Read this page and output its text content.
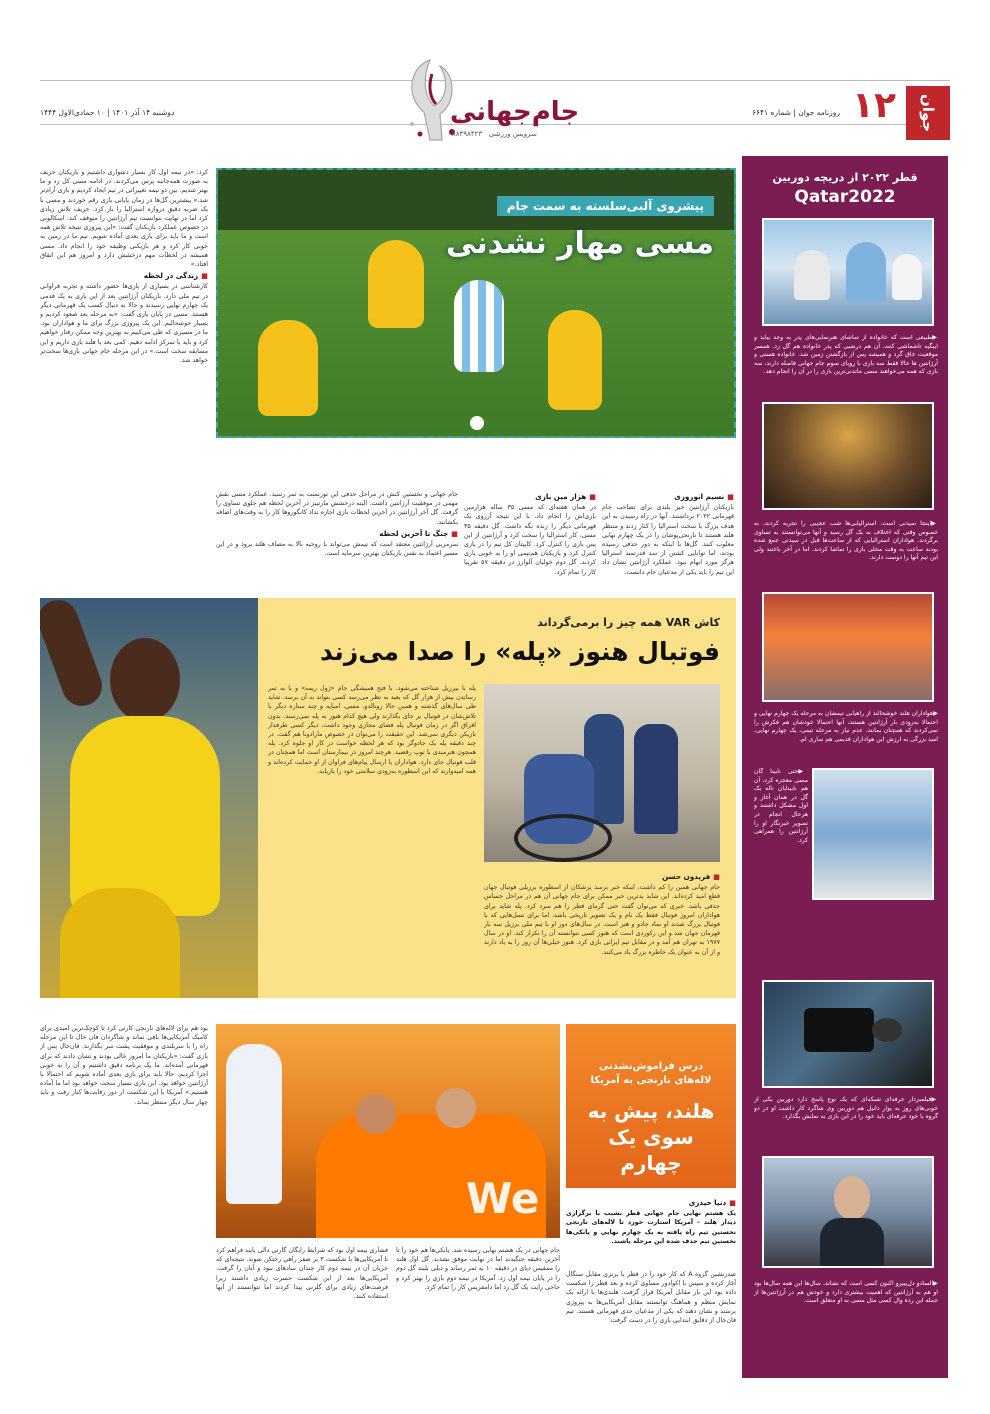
جوان
۱۲
روزنامه جوان | شماره ۶۶۴۱
جام‌جهانی
سرویس ورزشی   ۸۸۴۹۸۴۲۳
دوشنبه ۱۴ آذر ۱۴۰۱ | ۱۰ جمادی‌الاول ۱۴۴۴
قطر ۲۰۲۲ از دریچه دوربین
Qatar2022
▶ طبیعی است که خانواده از تماشای هنرنمایی‌های پدر به وجد بیاید و ابیگیه تاشماشی کنند، آن هم درشبی که پدر خانواده هم گل زد. همسر موقعیت خاق گرد و همیشه پس از بازگشتن زمین شد. خانواده هستی و آرژانتین ها حالا فقط سه بازی با رویای سوم جام جهانی فاصله دارند، سه بازی که همه می‌خواهند مسی ماندنی‌ترین بازی را در آن را انجام دهد.
▶ اینجا سیدنی است، استرالیایی‌ها شب عجیبی را تجربه کردند، به خصوص وقتی که اختلاف به یک گل رسید و آنها می‌توانستند به تساوی برگردند. هواداران استرالیایی که از ساعت‌ها قبل در سیدنی جمع شده بودند ساعت به وقت محلی بازی را تماشا کردند. اما در آخر باختند ولی این تیم آنها را دوست دارند.
▶ هواداران هلند خوشحالند از راهیابی تیمشان به مرحله یک چهارم نهایی و احتمالا به‌زودی بار آرژانتین هستند، آنها احتمالا خودشان هم فکرش را نمی‌کردند که همچنان بمانند. عدم نیاز به مرحله تیمی، یک چهارم نهایی، امید بزرگی به ارزش این هواداران قدیمی هم ساری ام.
▶ حتی نابینا گان مسی معجزه کرد، آن هم نابینایان ناله یک گل در همان آغاز و اول مشکل داشتند و هرحال انجام در تصویر خبرنگار او را آرژانتین را همراهی کرد.
▶ فیلمبردار حرفه‌ای شبکه‌ای که یک نوع پاسخ دارد دوربین یکی از خوبی‌های روز به یوار دانیل هم دوربین وی شاگرد کار داشت او در دو گروه با خود حرفه‌ای باید خود را در این بازی به نمایش بگذارد.
▶ السادو دل‌پییرو اکنون کسی است که نشاند، سال‌ها این همه سال‌ها بود او هم به آرژانتین که اهمیت بیشتری دارد و خودش هم در آرژانتین‌ها از جمله این رده وال کسی مثل مسی به او متعلق است.
پیشروی آلبی‌سلسته به سمت جام
مسی مهار نشدنی
■ نسیم انوروزی
بازیکنان آرژانتین خیز بلندی برای تصاحب جام قهرمانی ۲۰۲۲ برداشتند. آنها در راه رسیدن به این هدف بزرگ با سخت استرالیا را کنار زدند و منتظر هلند هستند تا نارنجی‌پوشان را در یک چهارم نهایی مغلوب کنند. گل‌ها با اینکه به دور حذفی رسیده بودند، اما توانایی کشتن از سد قدرتمند استرالیا هرگز مورد ابهام نبود. عملکرد آرژانتین نشان داد این تیم را باید یکی از مدعیان جام دانست.
■ هزار مین بازی
در همان هفته‌ای که مسی ۳۵ ساله هزارمین بازی‌اش را انجام داد، با این نتیجه آرزوی یک قهرمانی دیگر را زنده نگه داشت. گل دقیقه ۳۵ مسی، کار استرالیا را سخت کرد و آرژانتین از این پس بازی را کنترل کرد. کاپیتان کل تیم را در بازی کنترل کرد و بازیکنان هم‌تیمی او را به خوبی یاری کردند. گل دوم خولیان آلوارز در دقیقه ۵۷ تقریبا کار را تمام کرد.
جام جهانی و نخستین کنش در مراحل حذفی این تورنمنت به ثمر رسید. عملکرد مسی نقش مهمی در موفقیت آرژانتین داشت. البته درخشش مارتینز در آخرین لحظه هم جلوی تساوی را گرفت. گل آخر آرژانتین در آخرین لحظات بازی اجازه نداد کانگوروها کار را به وقت‌های اضافه بکشانند.
■ جنگ تا آخرین لحظه
سرمربی آرژانتین معتقد است که تیمش می‌تواند با روحیه بالا به مصاف هلند برود و در این مسیر اعتماد به نفس بازیکنان بهترین سرمایه است.
کرد: «در نیمه اول کار بسیار دشواری داشتیم و بازیکنان حریف به صورت همه‌جانبه پرس می‌کردند. در ادامه مسی کل زد و ما بهتر شدیم. بین دو نیمه تغییراتی در تیم ایجاد کردیم و بازی آرام‌تر شد.» بیشترین گل‌ها در زمان پایانی بازی رقم خوردند و مسی با یک ضربه دقیق دروازه استرالیا را باز کرد. حریف تلاش زیادی کرد اما در نهایت نتوانست تیم آرژانتین را متوقف کند. اسکالونی در خصوص عملکرد بازیکنان گفت: «این پیروزی نتیجه تلاش همه است و ما باید برای بازی بعدی آماده شویم. تیم ما در زمین به خوبی کار کرد و هر بازیکنی وظیفه خود را انجام داد. مسی همیشه در لحظات مهم درخشش دارد و امروز هم این اتفاق افتاد.»
■ زندگی در لحظه
کارشناسی در بسیاری از بازی‌ها حضور داشته و تجربه فراوانی در تیم ملی دارد. بازیکنان آرژانتین بعد از این بازی به یک قدمی یک چهارم نهایی رسیدند و حالا به دنبال کسب یک قهرمانی دیگر هستند. مسی در پایان بازی گفت: «به مرحله بعد صعود کردیم و بسیار خوشحالیم. این یک پیروزی بزرگ برای ما و هواداران بود. ما در مسیری که طی می‌کنیم به بهترین وجه ممکن رفتار خواهیم کرد و باید با تمرکز ادامه دهیم. کمی بعد با هلند بازی داریم و این مسابقه سخت است.» در این مرحله جام جهانی بازی‌ها سخت‌تر خواهد شد.
کاش VAR همه چیز را برمی‌گرداند
فوتبال هنوز «پله» را صدا می‌زند
پله با بیرزیل شناخته می‌شود. با فتح همیشگی جام «ژول ریمه» و با به ثمر رساندن بیش از هزار گل که بعید به نظر می‌رسد کسی بتواند به آن برسد. شاید طی سال‌های گذشته و همین حالا رونالدو، مسی، امباپه و چند ستاره دیگر با تلاش‌شان در فوتبال بر جای بگذارند ولی هیچ کدام هنوز به پله نمی‌رسند. بدون افراق اگر در زمان فوتبال پله فضای مجازی وجود داشت، دیگر کسی طرفدار بازیکن دیگری نمی‌شد. این حقیقت را می‌توان در خصوص مارادونا هم گفت. در چند دقیقه پله یک جادوگر بود که هر لحظه خواست در کار او جلوه کرد. پله همچون هنرمندی با توپ رقصید. هرچند امروز در بیمارستان است اما همچنان در قلب فوتبال جای دارد. هواداران با ارسال پیام‌های فراوان از او حمایت کرده‌اند و همه امیدوارند که این اسطوره به‌زودی سلامتی خود را بازیابد.
■ فریدون حسن
جام جهانی همین را کم داشت، اینکه خبر برسد پزشکان از اسطوره برزیلی فوتبال جهان قطع امید کرده‌اند. این شاید بدترین خبر ممکن برای جام جهانی آن هم در مراحل حساس حذفی باشد. خبری که می‌توان گفت حتی گرمای قطر را هم سرد کرد. پله شاید برای هواداران امروز فوتبال فقط یک نام و یک تصویر تاریخی باشد، اما برای نسل‌هایی که با فوتبال بزرگ شدند او نماد جادو و هنر است. در سال‌های دور او با تیم ملی برزیل سه بار قهرمان جهان شد و این رکوردی است که هنوز کسی نتوانسته آن را تکرار کند. او در سال ۱۹۷۷ به تهران هم آمد و در مقابل تیم ایرانی بازی کرد. هنوز خیلی‌ها آن روز را به یاد دارند و از آن به عنوان یک خاطره بزرگ یاد می‌کنند.
درس فراموش‌نشدنی لاله‌های نارنجی به آمریکا
هلند، پیش به سوی یک چهارم
We
■	دنیا حیدری
یک هشتم نهایی جام جهانی قطر نشیب با برگزاری دیدار هلند - آمریکا استارت خورد تا لاله‌های نارنجی نخستین تیم راه یافته به یک چهارم نهایی و یانکی‌ها نخستین تیم حذف شده این مرحله باشند.
صدرنشین گروه A که کار خود را در قطر با برتری مقابل سنگال آغاز کرده و سپس با اکوادور مساوی کرده و بعد قطر را شکست داده بود این بار مقابل آمریکا قرار گرفت. هلندی‌ها با ارائه یک نمایش منظم و هماهنگ توانستند مقابل آمریکایی‌ها به پیروزی برسند و نشان دهند که یکی از مدعیان جدی قهرمانی هستند. تیم فان‌خال از دقایق ابتدایی بازی را در دست گرفت.
جام جهانی در یک هشتم نهایی رسیده شد. یانکی‌ها هم خود را تا آخرین دقیقه جنگیدند اما در نهایت موفق نشدند. گل اول هلند را ممفیس دپای در دقیقه ۱۰ به ثمر رساند و دیلی بلیند گل دوم را در پایان نیمه اول زد. آمریکا در نیمه دوم بازی را بهتر کرد و حاجی رایت یک گل زد اما دامفریس کار را تمام کرد.
فشاری نیمه اول بود که شرایط رایگان گارتی دالی پاپند فراهم کرد تا آمریکایی‌ها با شکست ۳ بر صفر راهی رختکن شوند. نتیجه‌ای که جریان آن در نیمه دوم کار چندان سادهای نبود و آنان را گرفت. آمریکایی‌ها بعد از این شکست حسرت زیادی داشتند زیرا فرصت‌های زیادی برای گلزنی پیدا کردند اما نتوانستند از آنها استفاده کنند.
بود هم برای لاله‌های نارنجی کارتی کرد تا کوچک‌ترین امیدی برای کامبک آمریکایی‌ها باقی نماند و شاگردان فان خال تا این مرحله راه را با سربلندی و موفقیت پشت سر بگذارند. فان‌خال پس از بازی گفت: «بازیکنان ما امروز عالی بودند و نشان دادند که برای قهرمانی آمده‌اند. ما یک برنامه دقیق داشتیم و آن را به خوبی اجرا کردیم. حالا باید برای بازی بعدی آماده شویم که احتمالا با آرژانتین خواهد بود. این بازی بسیار سخت خواهد بود اما ما آماده هستیم.» آمریکا با این شکست از دور رقابت‌ها کنار رفت و باید چهار سال دیگر منتظر بماند.
